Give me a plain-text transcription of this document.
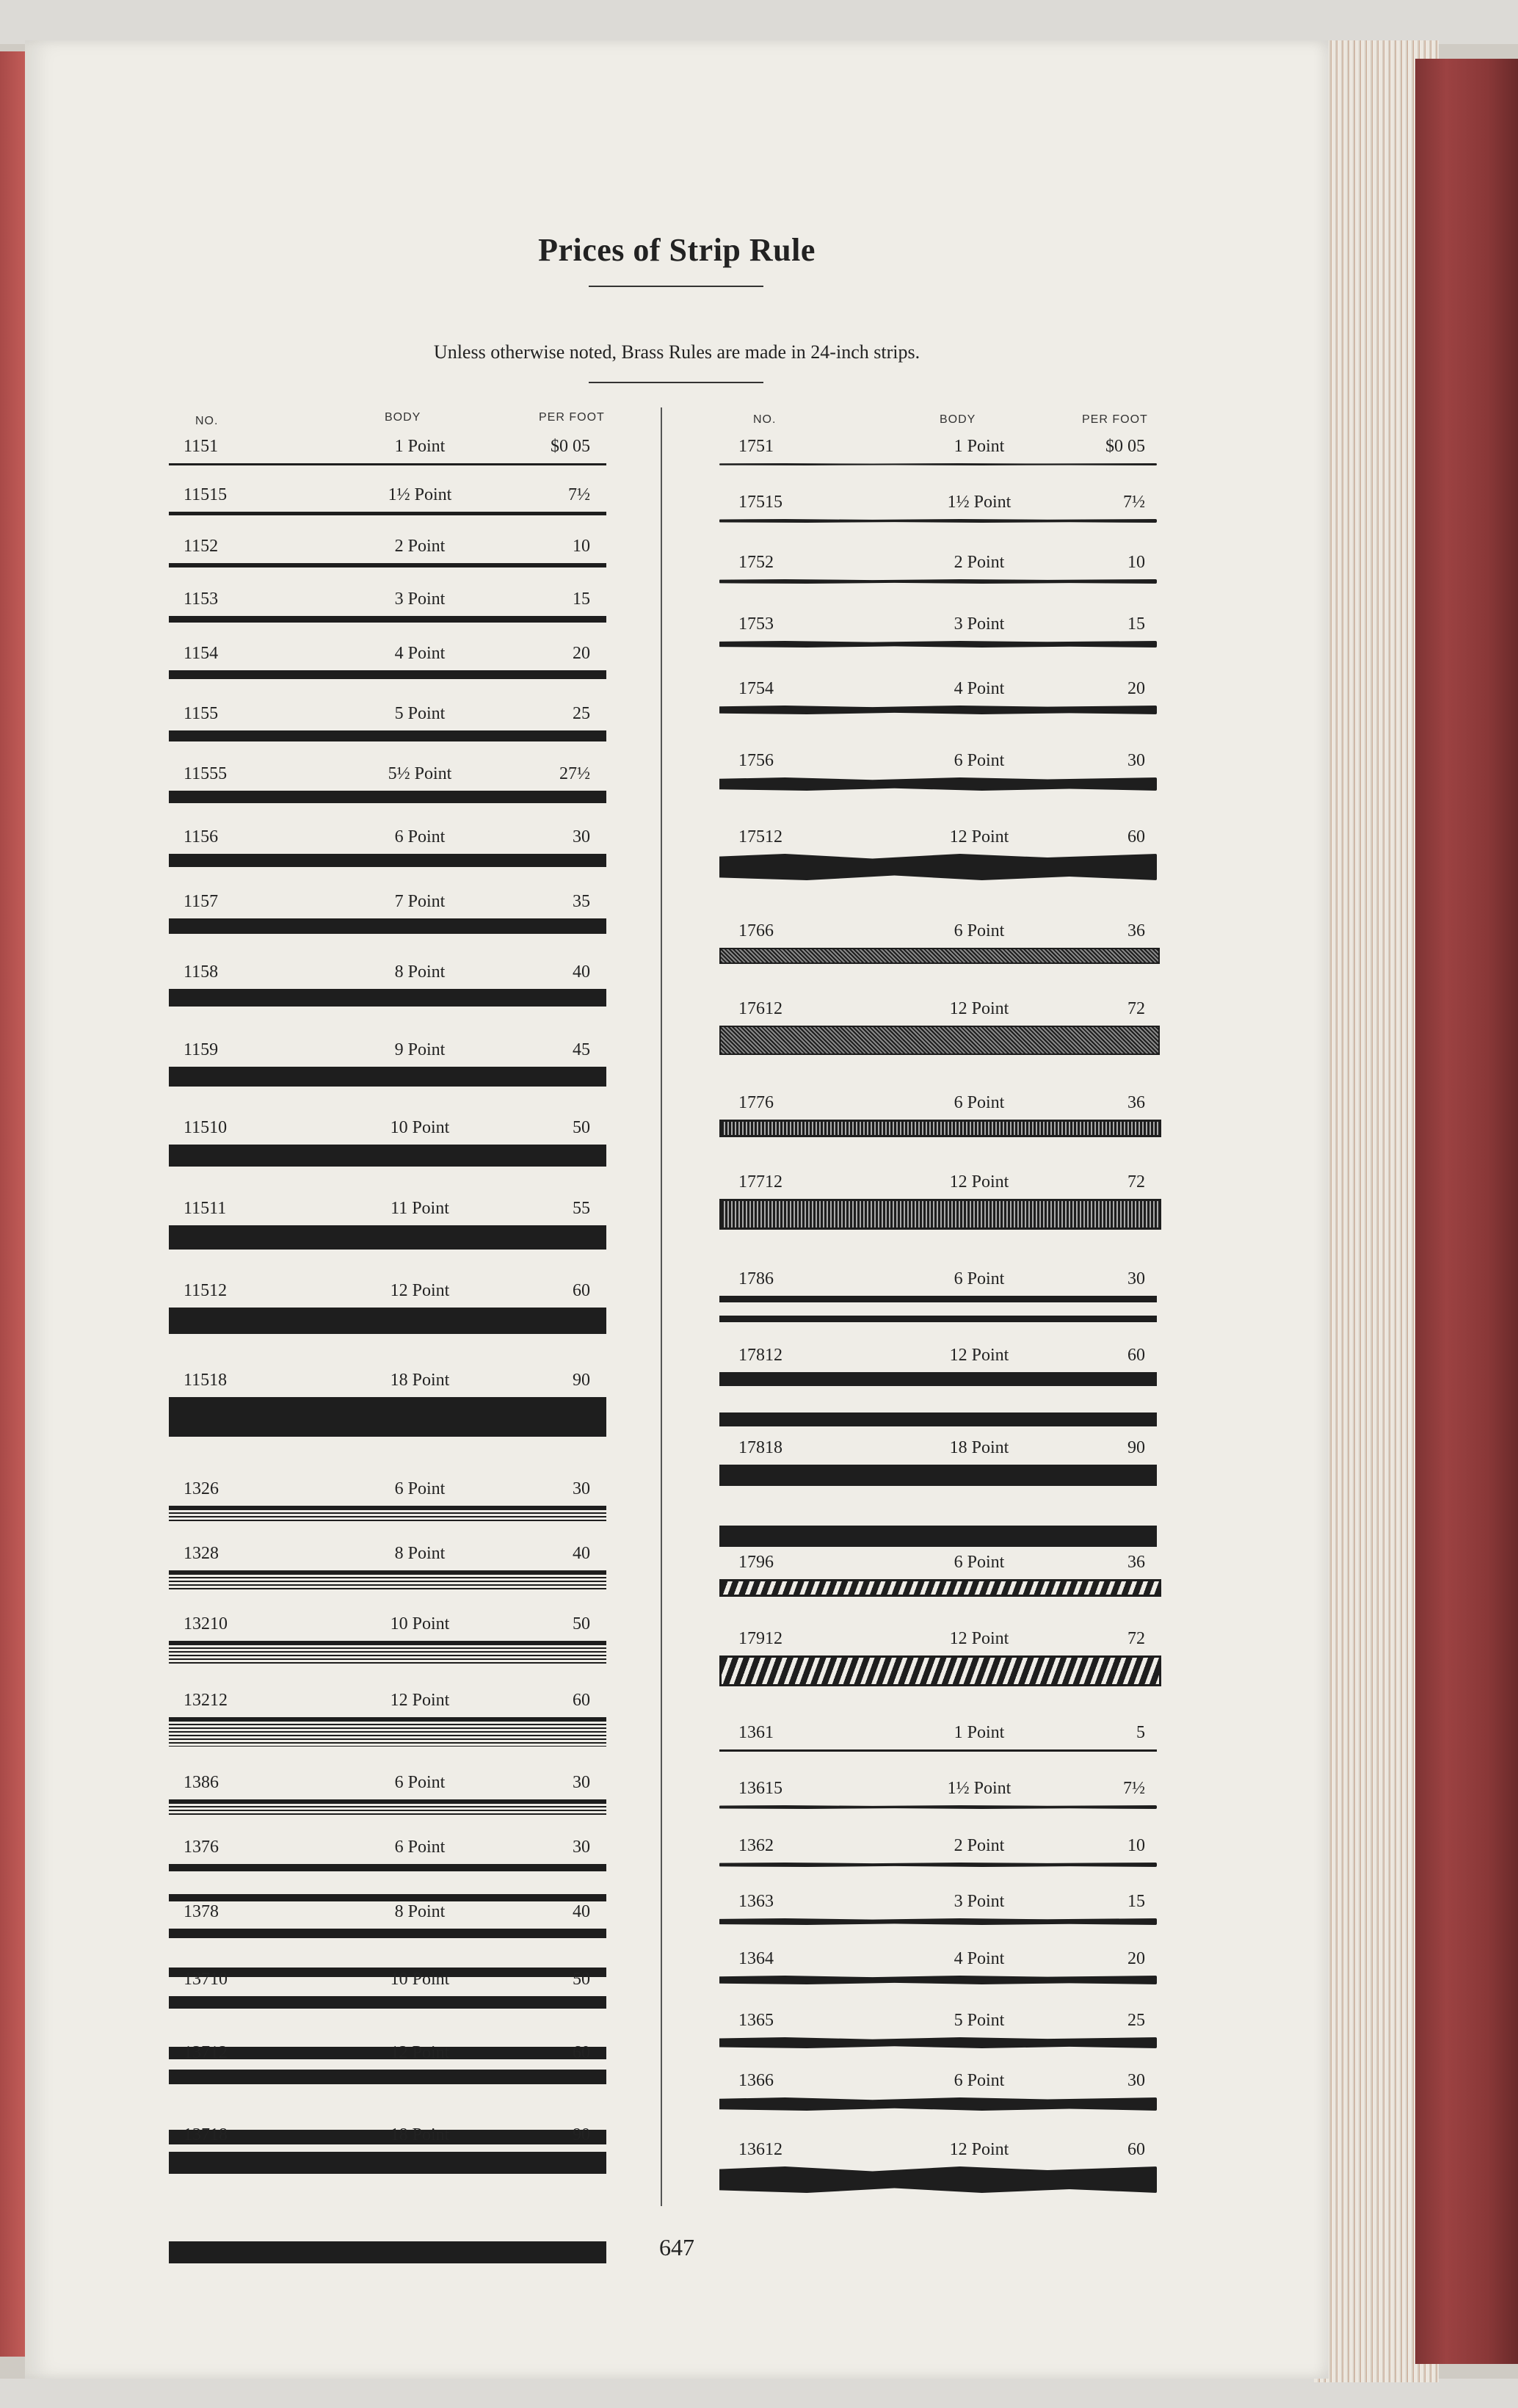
Prices of Strip Rule
Unless otherwise noted, Brass Rules are made in 24-inch strips.
NO.	BODY	PER FOOT	NO.	BODY	PER FOOT
1151	1 Point	$0 05
11515	1½ Point	7½
1152	2 Point	10
1153	3 Point	15
1154	4 Point	20
1155	5 Point	25
11555	5½ Point	27½
1156	6 Point	30
1157	7 Point	35
1158	8 Point	40
1159	9 Point	45
11510	10 Point	50
11511	11 Point	55
11512	12 Point	60
11518	18 Point	90
1326	6 Point	30
1328	8 Point	40
13210	10 Point	50
13212	12 Point	60
1386	6 Point	30
1376	6 Point	30
1378	8 Point	40
13710	10 Point	50
13712	12 Point	60
13718	18 Point	90
1751	1 Point	$0 05
17515	1½ Point	7½
1752	2 Point	10
1753	3 Point	15
1754	4 Point	20
1756	6 Point	30
17512	12 Point	60
1766	6 Point	36
17612	12 Point	72
1776	6 Point	36
17712	12 Point	72
1786	6 Point	30
17812	12 Point	60
17818	18 Point	90
1796	6 Point	36
17912	12 Point	72
1361	1 Point	5
13615	1½ Point	7½
1362	2 Point	10
1363	3 Point	15
1364	4 Point	20
1365	5 Point	25
1366	6 Point	30
13612	12 Point	60
647
